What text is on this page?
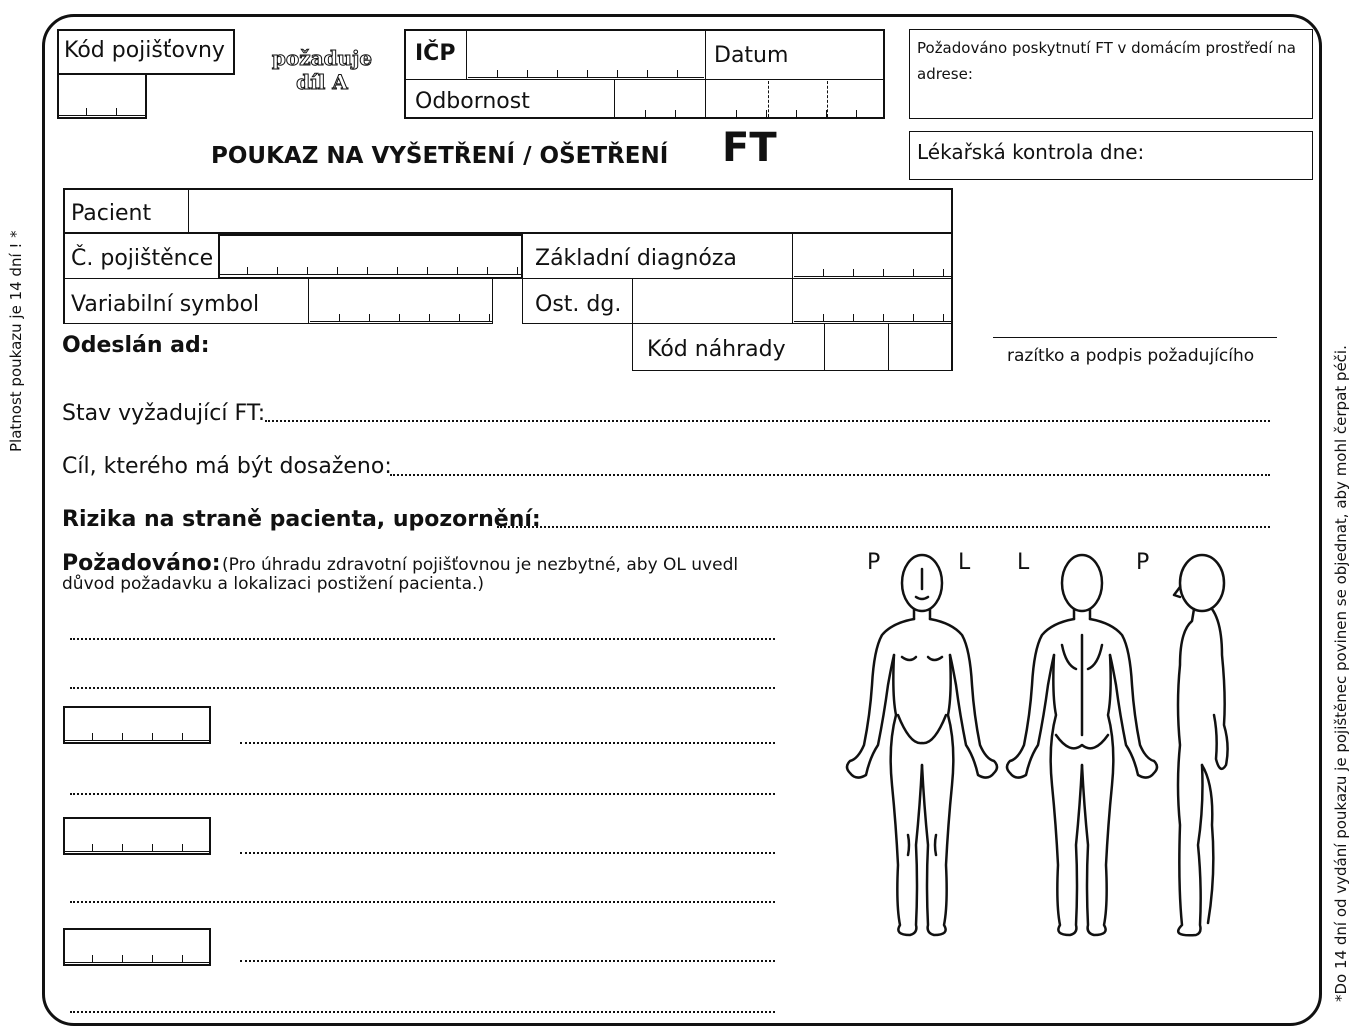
Platnost poukazu je 14 dní ! *
*Do 14 dní od vydání poukazu je pojištěnec povinen se objednat, aby mohl čerpat péči.
Kód pojišťovny	požaduje díl A
IČP	Datum
Odbornost
POUKAZ NA VYŠETŘENÍ / OŠETŘENÍ FT
Požadováno poskytnutí FT v domácím prostředí na adrese:
Lékařská kontrola dne:
Pacient
Č. pojištěnce	Základní diagnóza
Variabilní symbol	Ost. dg.
Kód náhrady
Odeslán ad:	razítko a podpis požadujícího
Stav vyžadující FT:
Cíl, kterého má být dosaženo:
Rizika na straně pacienta, upozornění:
Požadováno: (Pro úhradu zdravotní pojišťovnou je nezbytné, aby OL uvedl důvod požadavku a lokalizaci postižení pacienta.)
P	L L	P
